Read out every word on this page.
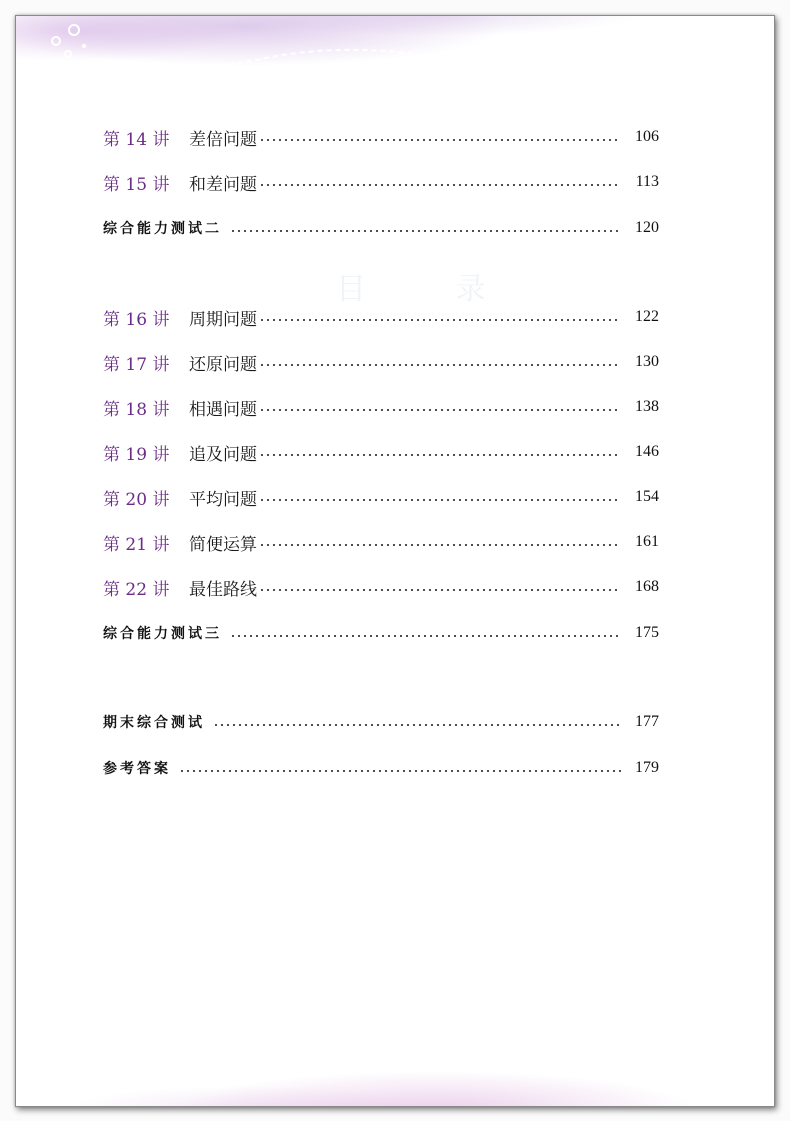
目 录
第 14 讲	差倍问题	106
第 15 讲	和差问题	113
综合能力测试二	120
第 16 讲	周期问题	122
第 17 讲	还原问题	130
第 18 讲	相遇问题	138
第 19 讲	追及问题	146
第 20 讲	平均问题	154
第 21 讲	简便运算	161
第 22 讲	最佳路线	168
综合能力测试三	175
期末综合测试	177
参考答案	179
